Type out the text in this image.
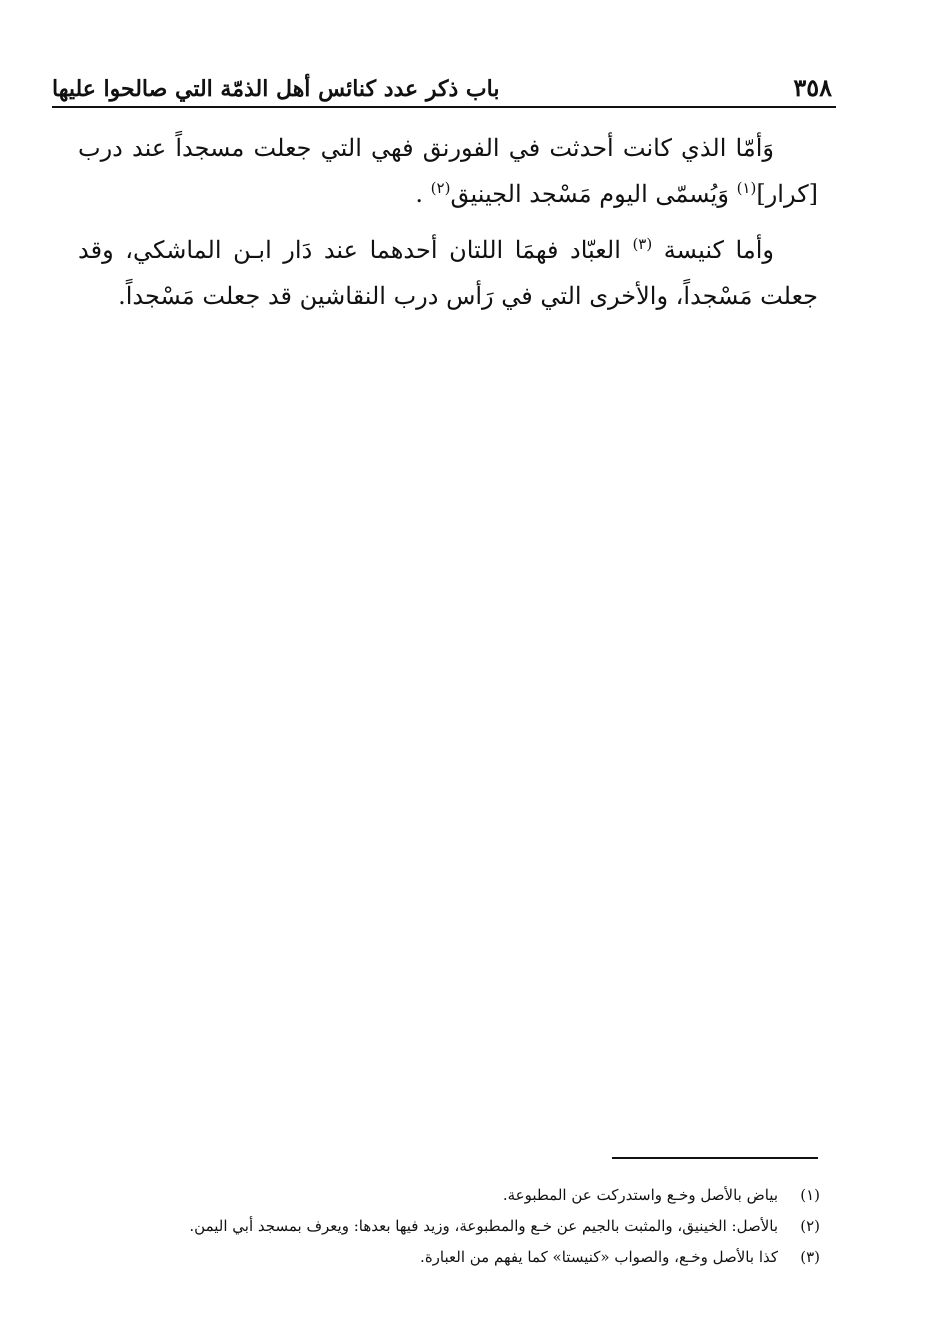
٣٥٨
باب ذكر عدد كنائس أهل الذمّة التي صالحوا عليها

وَأمّا الذي كانت أحدثت في الفورنق فهي التي جعلت مسجداً عند درب [كرار]$^{(١)}$ وَيُسمّى اليوم مَسْجد الجينيق$^{(٢)}$ .

وأما كنيسة $^{(٣)}$ العبّاد فهمَا اللتان أحدهما عند دَار ابـن الماشكي، وقد جعلت مَسْجداً، والأخرى التي في رَأس درب النقاشين قد جعلت مَسْجداً.

(١)
بياض بالأصل وخـع واستدركت عن المطبوعة.
(٢)
بالأصل: الخينيق، والمثبت بالجيم عن خـع والمطبوعة، وزيد فيها بعدها: ويعرف بمسجد أبي اليمن.
(٣)
كذا بالأصل وخـع، والصواب «كنيستا» كما يفهم من العبارة.
